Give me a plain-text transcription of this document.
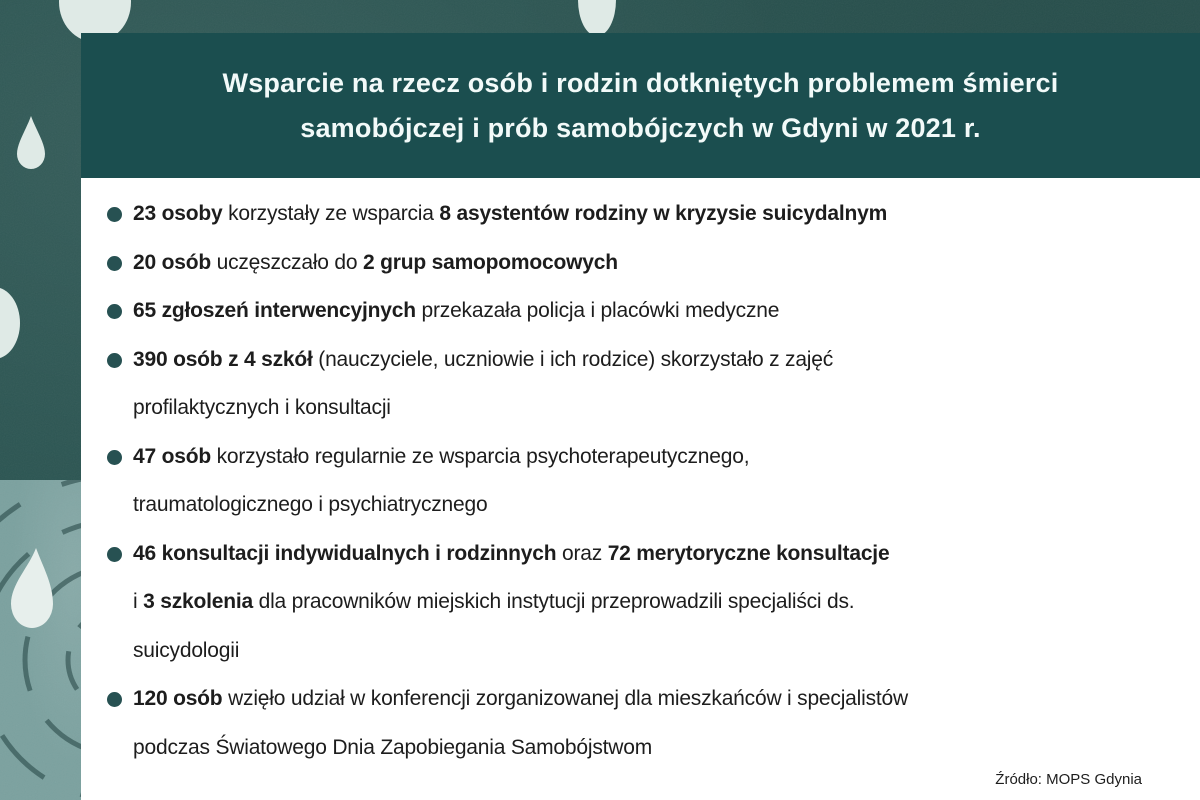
Wsparcie na rzecz osób i rodzin dotkniętych problemem śmierci
samobójczej i prób samobójczych w Gdyni w 2021 r.
23 osoby korzystały ze wsparcia 8 asystentów rodziny w kryzysie suicydalnym
20 osób uczęszczało do 2 grup samopomocowych
65 zgłoszeń interwencyjnych przekazała policja i placówki medyczne
390 osób z 4 szkół (nauczyciele, uczniowie i ich rodzice) skorzystało z zajęć
profilaktycznych i konsultacji
47 osób korzystało regularnie ze wsparcia psychoterapeutycznego,
traumatologicznego i psychiatrycznego
46 konsultacji indywidualnych i rodzinnych oraz 72 merytoryczne konsultacje
i 3 szkolenia dla pracowników miejskich instytucji przeprowadzili specjaliści ds.
suicydologii
120 osób wzięło udział w konferencji zorganizowanej dla mieszkańców i specjalistów
podczas Światowego Dnia Zapobiegania Samobójstwom
Źródło: MOPS Gdynia
